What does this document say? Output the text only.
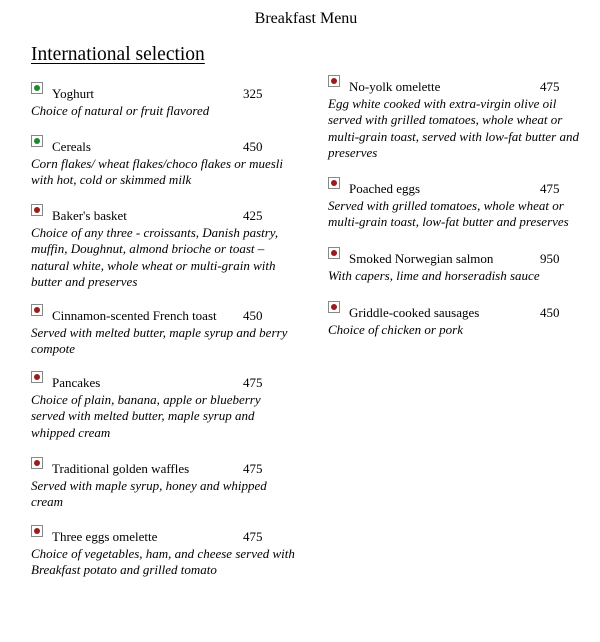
Breakfast Menu
International selection
Yoghurt	325
Choice of natural or fruit flavored
Cereals	450
Corn flakes/ wheat flakes/choco flakes or muesli with hot, cold or skimmed milk
Baker's basket	425
Choice of any three - croissants, Danish pastry, muffin, Doughnut, almond brioche or toast – natural white, whole wheat or multi-grain with butter and preserves
Cinnamon-scented French toast 450
Served with melted butter, maple syrup and berry compote
Pancakes	475
Choice of plain, banana, apple or blueberry served with melted butter, maple syrup and whipped cream
Traditional golden waffles	475
Served with maple syrup, honey and whipped cream
Three eggs omelette	475
Choice of vegetables, ham, and cheese served with Breakfast potato and grilled tomato
No-yolk omelette	475
Egg white cooked with extra-virgin olive oil served with grilled tomatoes, whole wheat or multi-grain toast, served with low-fat butter and preserves
Poached eggs	475
Served with grilled tomatoes, whole wheat or multi-grain toast, low-fat butter and preserves
Smoked Norwegian salmon	950
With capers, lime and horseradish sauce
Griddle-cooked sausages	450
Choice of chicken or pork
